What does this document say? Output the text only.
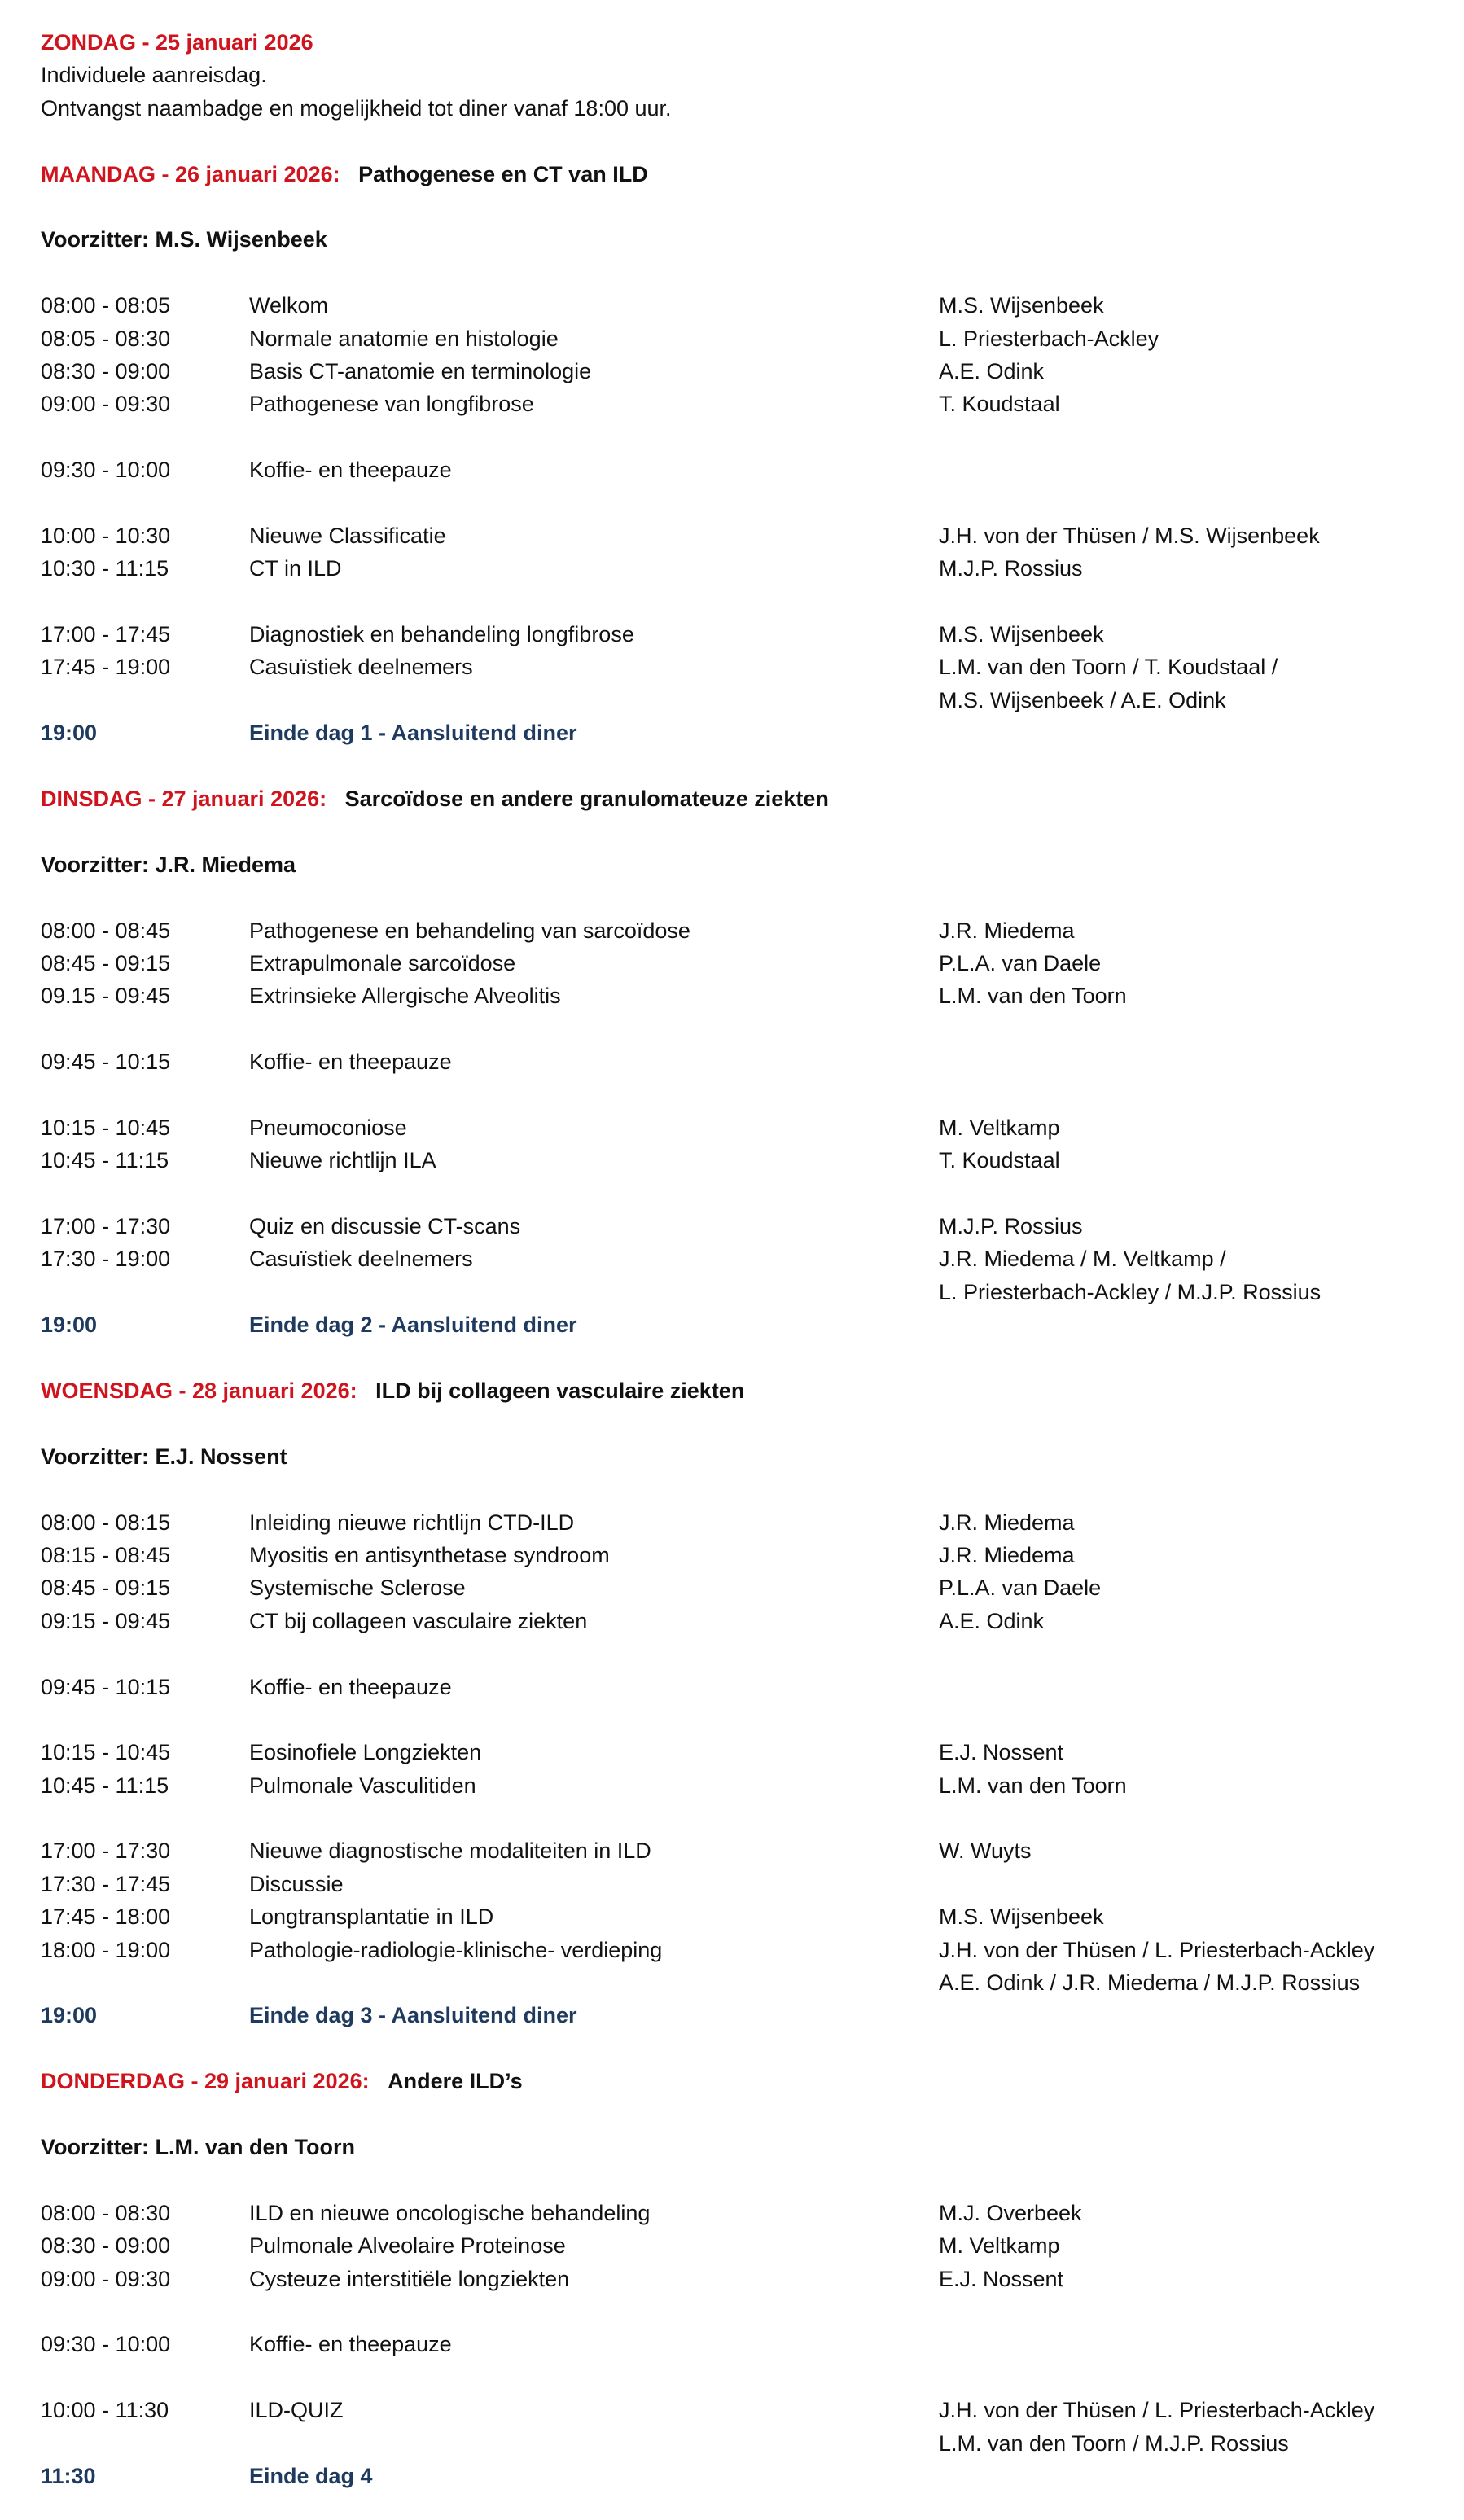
ZONDAG - 25 januari 2026
Individuele aanreisdag.
Ontvangst naambadge en mogelijkheid tot diner vanaf 18:00 uur.
MAANDAG - 26 januari 2026: Pathogenese en CT van ILD
Voorzitter: M.S. Wijsenbeek
08:00 - 08:05	Welkom	M.S. Wijsenbeek
08:05 - 08:30	Normale anatomie en histologie	L. Priesterbach-Ackley
08:30 - 09:00	Basis CT-anatomie en terminologie	A.E. Odink
09:00 - 09:30	Pathogenese van longfibrose	T. Koudstaal
09:30 - 10:00	Koffie- en theepauze
10:00 - 10:30	Nieuwe Classificatie	J.H. von der Thüsen / M.S. Wijsenbeek
10:30 - 11:15	CT in ILD	M.J.P. Rossius
17:00 - 17:45	Diagnostiek en behandeling longfibrose	M.S. Wijsenbeek
17:45 - 19:00	Casuïstiek deelnemers	L.M. van den Toorn / T. Koudstaal /
M.S. Wijsenbeek / A.E. Odink
19:00	Einde dag 1 - Aansluitend diner
DINSDAG - 27 januari 2026: Sarcoïdose en andere granulomateuze ziekten
Voorzitter: J.R. Miedema
08:00 - 08:45	Pathogenese en behandeling van sarcoïdose	J.R. Miedema
08:45 - 09:15	Extrapulmonale sarcoïdose	P.L.A. van Daele
09.15 - 09:45	Extrinsieke Allergische Alveolitis	L.M. van den Toorn
09:45 - 10:15	Koffie- en theepauze
10:15 - 10:45	Pneumoconiose	M. Veltkamp
10:45 - 11:15	Nieuwe richtlijn ILA	T. Koudstaal
17:00 - 17:30	Quiz en discussie CT-scans	M.J.P. Rossius
17:30 - 19:00	Casuïstiek deelnemers	J.R. Miedema / M. Veltkamp /
L. Priesterbach-Ackley / M.J.P. Rossius
19:00	Einde dag 2 - Aansluitend diner
WOENSDAG - 28 januari 2026: ILD bij collageen vasculaire ziekten
Voorzitter: E.J. Nossent
08:00 - 08:15	Inleiding nieuwe richtlijn CTD-ILD	J.R. Miedema
08:15 - 08:45	Myositis en antisynthetase syndroom	J.R. Miedema
08:45 - 09:15	Systemische Sclerose	P.L.A. van Daele
09:15 - 09:45	CT bij collageen vasculaire ziekten	A.E. Odink
09:45 - 10:15	Koffie- en theepauze
10:15 - 10:45	Eosinofiele Longziekten	E.J. Nossent
10:45 - 11:15	Pulmonale Vasculitiden	L.M. van den Toorn
17:00 - 17:30	Nieuwe diagnostische modaliteiten in ILD	W. Wuyts
17:30 - 17:45	Discussie
17:45 - 18:00	Longtransplantatie in ILD	M.S. Wijsenbeek
18:00 - 19:00	Pathologie-radiologie-klinische- verdieping	J.H. von der Thüsen / L. Priesterbach-Ackley
A.E. Odink / J.R. Miedema / M.J.P. Rossius
19:00	Einde dag 3 - Aansluitend diner
DONDERDAG - 29 januari 2026: Andere ILD’s
Voorzitter: L.M. van den Toorn
08:00 - 08:30	ILD en nieuwe oncologische behandeling	M.J. Overbeek
08:30 - 09:00	Pulmonale Alveolaire Proteinose	M. Veltkamp
09:00 - 09:30	Cysteuze interstitiële longziekten	E.J. Nossent
09:30 - 10:00	Koffie- en theepauze
10:00 - 11:30	ILD-QUIZ	J.H. von der Thüsen / L. Priesterbach-Ackley
L.M. van den Toorn / M.J.P. Rossius
11:30	Einde dag 4
